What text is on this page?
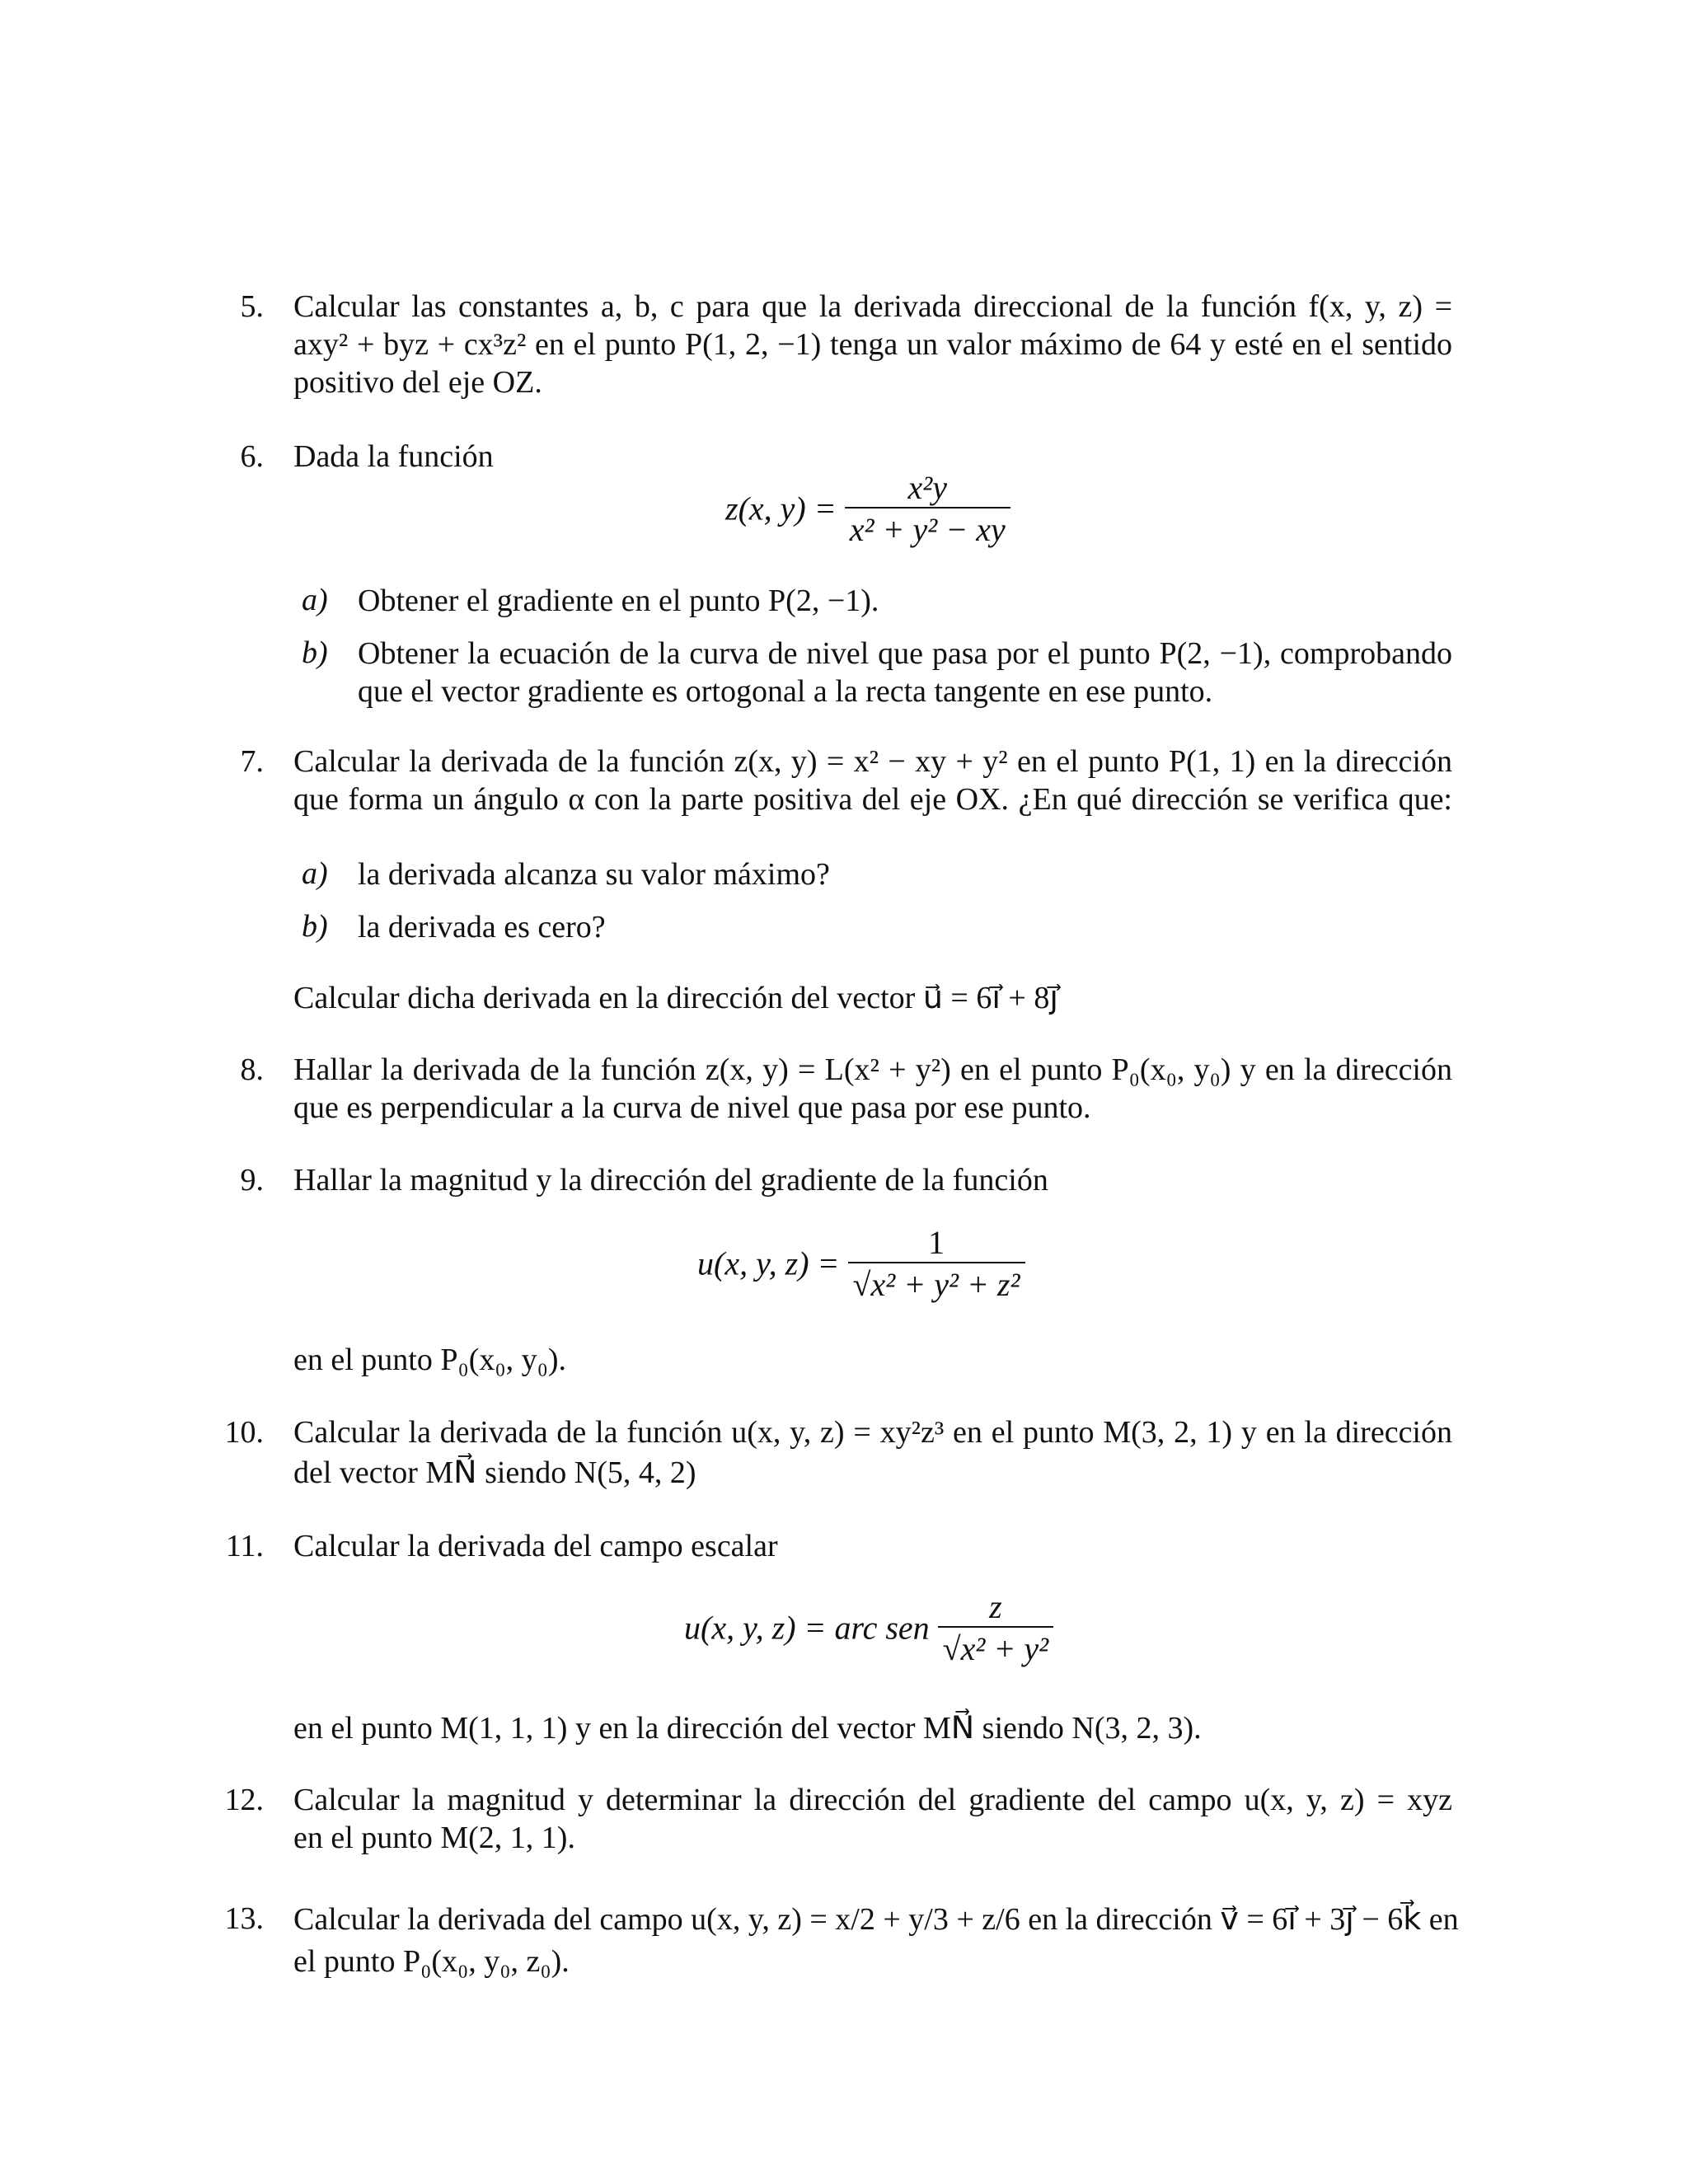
5. Calcular las constantes a, b, c para que la derivada direccional de la función f(x, y, z) =
axy² + byz + cx³z² en el punto P(1, 2, −1) tenga un valor máximo de 64 y esté en el sentido
positivo del eje OZ.
6. Dada la función
z(x, $y) = \frac{\text{x²y}}{\text{x² + y² − xy}}$
a) Obtener el gradiente en el punto P(2, −1).
b) Obtener la ecuación de la curva de nivel que pasa por el punto P(2, −1), comprobando
que el vector gradiente es ortogonal a la recta tangente en ese punto.
7. Calcular la derivada de la función z(x, y) = x² − xy + y² en el punto P(1, 1) en la dirección
que forma un ángulo α con la parte positiva del eje OX. ¿En qué dirección se verifica que:
a) la derivada alcanza su valor máximo?
b) la derivada es cero?
Calcular dicha derivada en la dirección del vector u⃗ = 6i⃗ + 8j⃗
8. Hallar la derivada de la función z(x, y) = L(x² + y²) en el punto P₀(x₀, y₀) y en la dirección
que es perpendicular a la curva de nivel que pasa por ese punto.
9. Hallar la magnitud y la dirección del gradiente de la función
u(x, y, $z) = \frac{1}{\text{√x² + y² + z²}}$
en el punto P₀(x₀, y₀).
10. Calcular la derivada de la función u(x, y, z) = xy²z³ en el punto M(3, 2, 1) y en la dirección
del vector MN⃗ siendo N(5, 4, 2)
11. Calcular la derivada del campo escalar
u(x, y, z) = arc sen $\frac{z}{\text{√x² + y²}}$
en el punto M(1, 1, 1) y en la dirección del vector MN⃗ siendo N(3, 2, 3).
12. Calcular la magnitud y determinar la dirección del gradiente del campo u(x, y, z) = xyz
en el punto M(2, 1, 1).
13. Calcular la derivada del campo u(x, y, z) = x/2 + y/3 + z/6 en la dirección v⃗ = 6i⃗ + 3j⃗ − 6k⃗ en
el punto P₀(x₀, y₀, z₀).
